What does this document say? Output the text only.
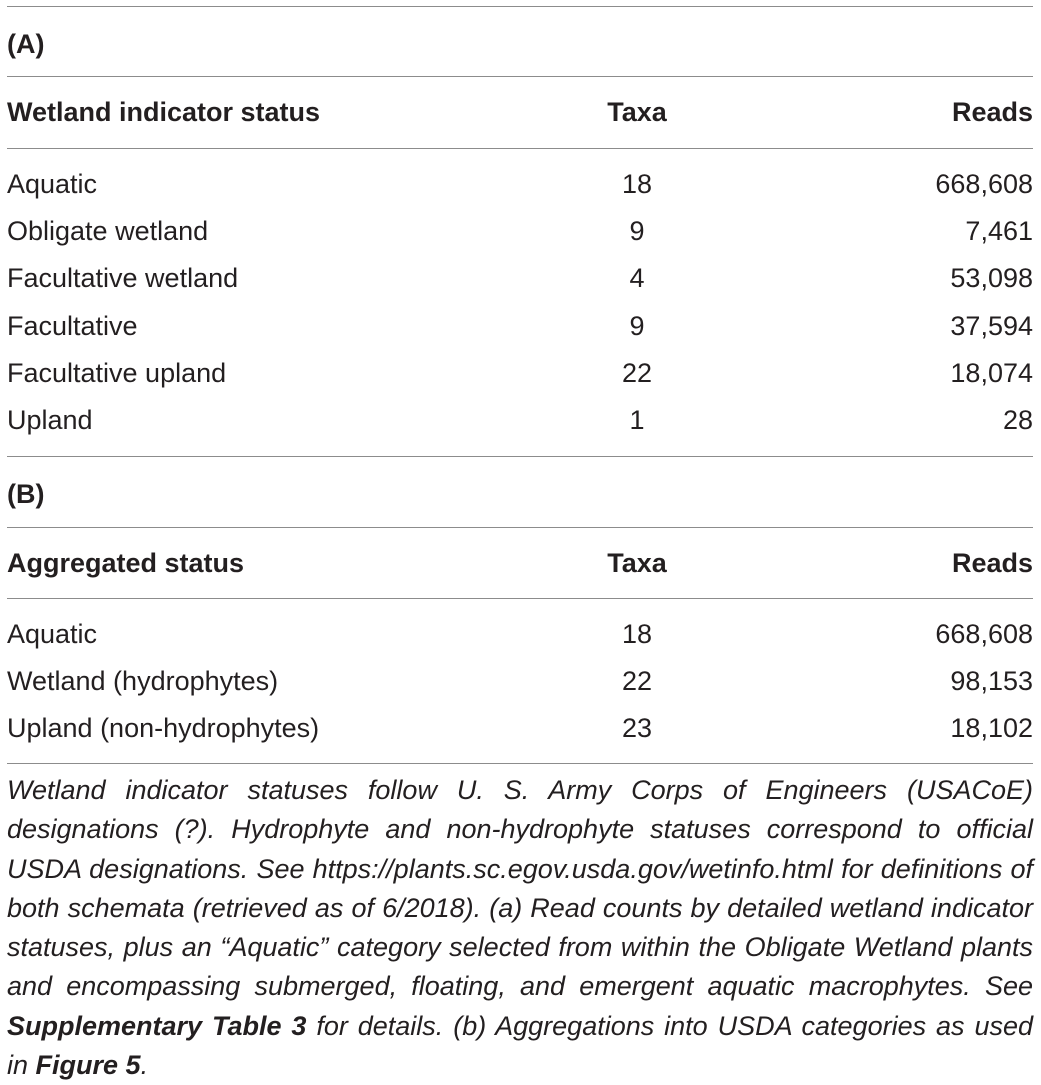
(A)
Wetland indicator status	Taxa	Reads
Aquatic	18	668,608
Obligate wetland	9	7,461
Facultative wetland	4	53,098
Facultative	9	37,594
Facultative upland	22	18,074
Upland	1	28
(B)
Aggregated status	Taxa	Reads
Aquatic	18	668,608
Wetland (hydrophytes)	22	98,153
Upland (non-hydrophytes)	23	18,102
Wetland indicator statuses follow U. S. Army Corps of Engineers (USACoE) designations (?). Hydrophyte and non-hydrophyte statuses correspond to official USDA designations. See https://plants.sc.egov.usda.gov/wetinfo.html for definitions of both schemata (retrieved as of 6/2018). (a) Read counts by detailed wetland indicator statuses, plus an “Aquatic” category selected from within the Obligate Wetland plants and encompassing submerged, floating, and emergent aquatic macrophytes. See Supplementary Table 3 for details. (b) Aggregations into USDA categories as used in Figure 5.
